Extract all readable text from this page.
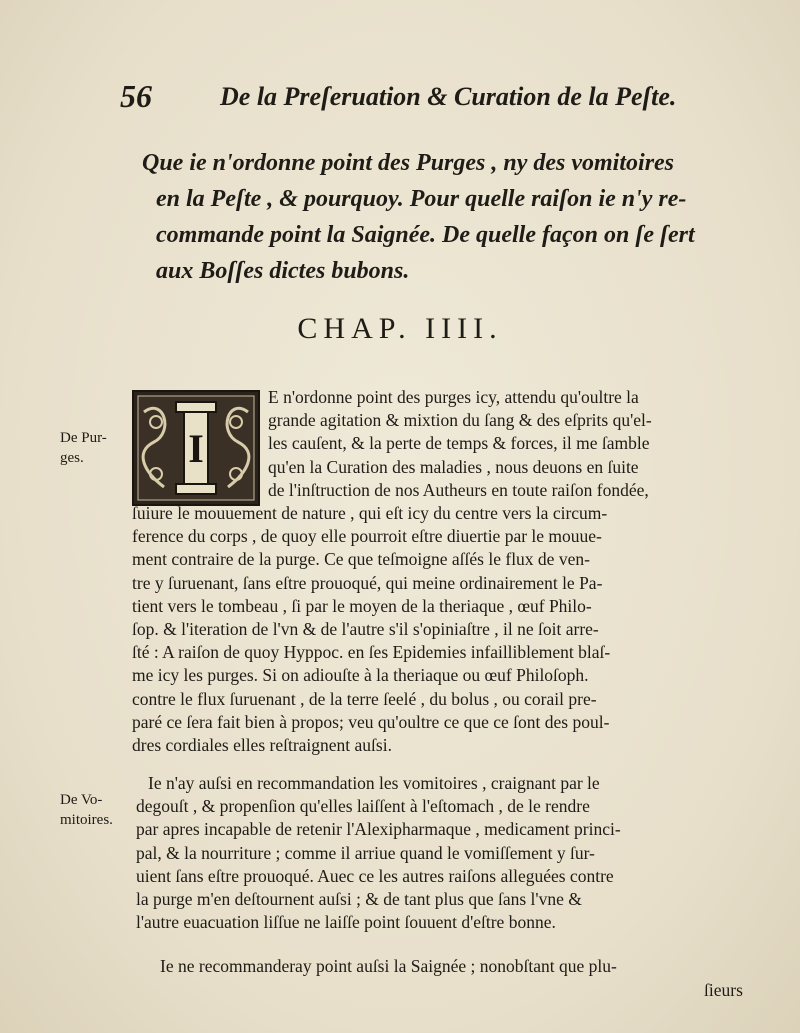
56	De la Preſeruation & Curation de la Peſte.
Que ie n'ordonne point des Purges , ny des vomitoires
en la Peſte , & pourquoy. Pour quelle raiſon ie n'y re-
commande point la Saignée. De quelle façon on ſe ſert
aux Boſſes dictes bubons.
CHAP. IIII.
I
De Pur-
ges.
E n'ordonne point des purges icy, attendu qu'oultre la
grande agitation & mixtion du ſang & des eſprits qu'el-
les cauſent, & la perte de temps & forces, il me ſamble
qu'en la Curation des maladies , nous deuons en ſuite
de l'inſtruction de nos Autheurs en toute raiſon fondée,
ſuiure le mouuement de nature , qui eſt icy du centre vers la circum-
ference du corps , de quoy elle pourroit eſtre diuertie par le mouue-
ment contraire de la purge. Ce que teſmoigne aſſés le flux de ven-
tre y ſuruenant, ſans eſtre prouoqué, qui meine ordinairement le Pa-
tient vers le tombeau , ſi par le moyen de la theriaque , œuf Philo-
ſop. & l'iteration de l'vn & de l'autre s'il s'opiniaſtre , il ne ſoit arre-
ſté : A raiſon de quoy Hyppoc. en ſes Epidemies infailliblement blaſ-
me icy les purges. Si on adiouſte à la theriaque ou œuf Philoſoph.
contre le flux ſuruenant , de la terre ſeelé , du bolus , ou corail pre-
paré ce ſera fait bien à propos; veu qu'oultre ce que ce ſont des poul-
dres cordiales elles reſtraignent auſsi.
De Vo-
mitoires.
Ie n'ay auſsi en recommandation les vomitoires , craignant par le
degouſt , & propenſion qu'elles laiſſent à l'eſtomach , de le rendre
par apres incapable de retenir l'Alexipharmaque , medicament princi-
pal, & la nourriture ; comme il arriue quand le vomiſſement y ſur-
uient ſans eſtre prouoqué. Auec ce les autres raiſons alleguées contre
la purge m'en deſtournent auſsi ; & de tant plus que ſans l'vne &
l'autre euacuation liſſue ne laiſſe point ſouuent d'eſtre bonne.
Ie ne recommanderay point auſsi la Saignée ; nonobſtant que plu-
ſieurs
